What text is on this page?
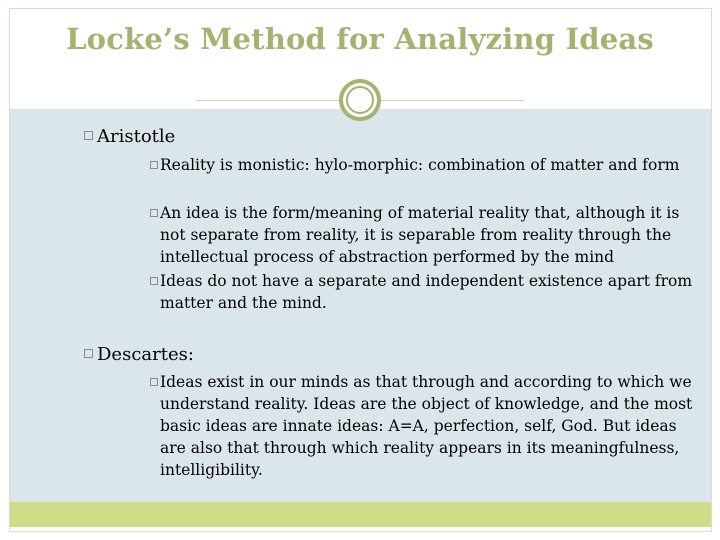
Locke’s Method for Analyzing Ideas
Aristotle
Reality is monistic: hylo-morphic: combination of matter and form
An idea is the form/meaning of material reality that, although it is not separate from reality, it is separable from reality through the intellectual process of abstraction performed by the mind
Ideas do not have a separate and independent existence apart from matter and the mind.
Descartes:
Ideas exist in our minds as that through and according to which we understand reality. Ideas are the object of knowledge, and the most basic ideas are innate ideas: A=A, perfection, self, God. But ideas are also that through which reality appears in its meaningfulness, intelligibility.
